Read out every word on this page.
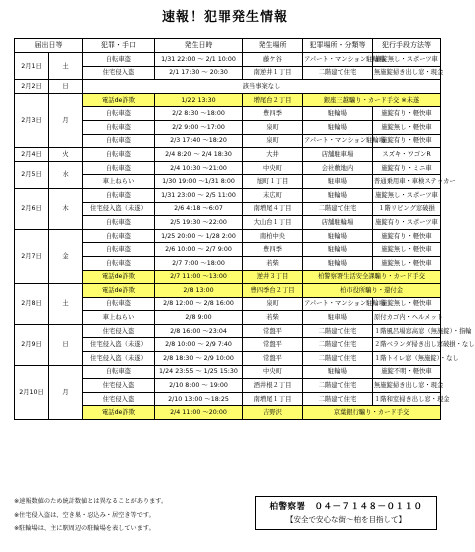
速報！犯罪発生情報
届出日等		犯罪・手口	発生日時	発生場所	犯罪場所・分類等	犯行手段方法等
2月1日	土	自転車盗	1/31 22:00 ～ 2/1 10:00	藤ケ谷	アパート・マンション駐輪場	施錠無し・スポーツ車
		住宅侵入盗	2/1 17:30 ～ 20:30	南逆井１丁目	二階建て住宅	無施錠掃き出し窓・現金
2月2日	日	該当事案なし				
2月3日	月	電話de詐欺	1/22 13:30	増尾台２丁目	銀座三越騙り・カード手交 ※未遂	
		自転車盗	2/2 8:30 ～18:00	豊四季	駐輪場	施錠有り・軽快車
		自転車盗	2/2 9:00 ～17:00	泉町	駐輪場	施錠無し・軽快車
		自転車盗	2/3 17:40 ～18:20	泉町	アパート・マンション駐輪場	施錠有り・軽快車
2月4日	火	自転車盗	2/4 8:20 ～ 2/4 18:30	大井	店舗駐車場	スズキ・ワゴンR
2月5日	水	自転車盗	2/4 10:30 ～21:00	中央町	会社敷地内	施錠有り・ミニ車
		車上ねらい	1/30 19:00 ～1/31 8:00	旭町１丁目	駐車場	普通乗用車・車検ステッカー
2月6日	木	自転車盗	1/31 23:00 ～ 2/5 11:00	末広町	駐輪場	施錠無し・スポーツ車
		住宅侵入盗（未遂）	2/6 4:18 ～6:07	南増尾４丁目	二階建て住宅	１階リビング窓破損
		自転車盗	2/5 19:30 ～22:00	大山台１丁目	店舗駐輪場	施錠有り・スポーツ車
2月7日	金	自転車盗	1/25 20:00 ～ 1/28 2:00	南柏中央	駐輪場	施錠有り・軽快車
		自転車盗	2/6 10:00 ～ 2/7 9:00	豊四季	駐輪場	施錠無し・軽快車
		自転車盗	2/7 7:00 ～18:00	若柴	駐輪場	施錠無し・軽快車
		電話de詐欺	2/7 11:00 ～13:00	逆井３丁目	柏警察署生活安全課騙り・カード手交	
2月8日	土	電話de詐欺	2/8 13:00	豊四季台２丁目	柏市役所騙り・還付金	
		自転車盗	2/8 12:00 ～ 2/8 16:00	泉町	アパート・マンション駐輪場	施錠無し・軽快車
		車上ねらい	2/8 9:00	若柴	駐車場	原付カゴ内・ヘルメット
2月9日	日	住宅侵入盗	2/8 16:00 ～23:04	常盤平	二階建て住宅	１階風呂場窓高窓（無施錠）・指輪
		住宅侵入盗（未遂）	2/8 10:00 ～ 2/9 7:40	常盤平	二階建て住宅	２階ベランダ掃き出し窓破損・なし
		住宅侵入盗（未遂）	2/8 18:30 ～ 2/9 10:00	常盤平	二階建て住宅	１階トイレ窓（無施錠）・なし
2月10日	月	自転車盗	1/24 23:55 ～ 1/25 15:30	中央町	駐輪場	施錠不明・軽快車
		住宅侵入盗	2/10 8:00 ～ 19:00	酒井根２丁目	二階建て住宅	無施錠掃き出し窓・現金
		住宅侵入盗	2/10 13:00 ～18:25	南増尾１丁目	二階建て住宅	１階和室掃き出し窓・現金
		電話de詐欺	2/4 11:00 ～20:00	吉野沢	京葉銀行騙り・カード手交	
※速報数値のため統計数値とは異なることがあります。
※住宅侵入盗は、空き巣・忍込み・居空き等です。
※駐輪場は、主に駅周辺の駐輪場を表しています。
柏警察署　０４－７１４８－０１１０
【安全で安心な街～柏を目指して】
